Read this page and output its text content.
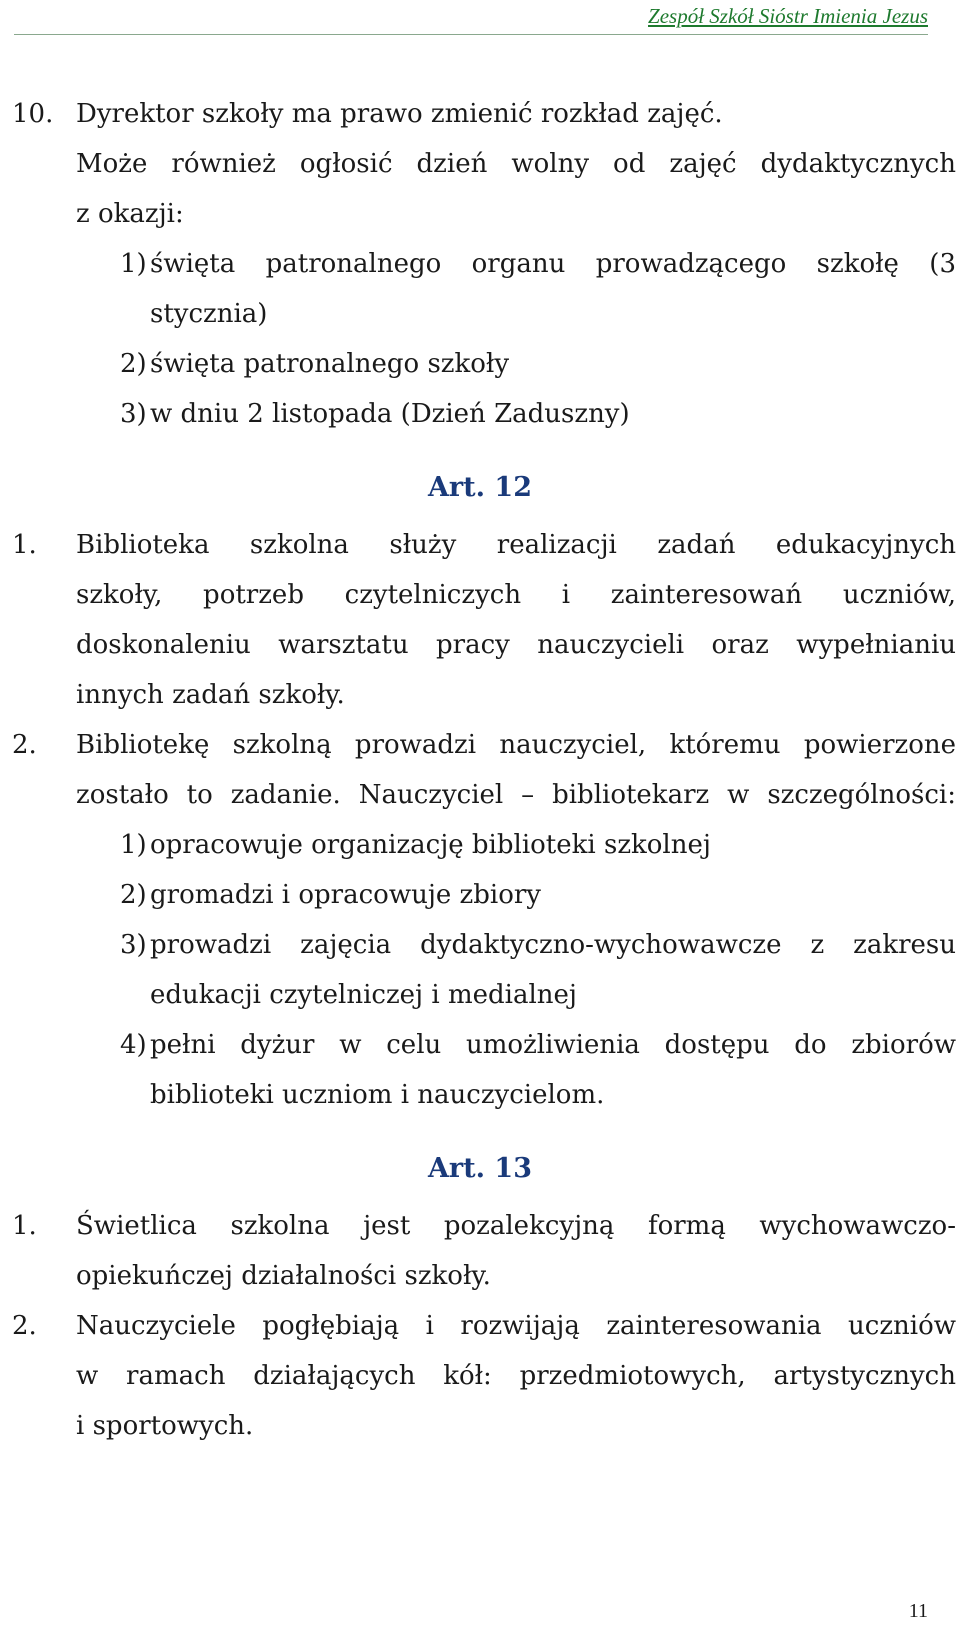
Zespół Szkół Sióstr Imienia Jezus
10. Dyrektor szkoły ma prawo zmienić rozkład zajęć.
Może również ogłosić dzień wolny od zajęć dydaktycznych
z okazji:
1) święta patronalnego organu prowadzącego szkołę (3
stycznia)
2) święta patronalnego szkoły
3) w dniu 2 listopada (Dzień Zaduszny)
Art. 12
1. Biblioteka szkolna służy realizacji zadań edukacyjnych
szkoły, potrzeb czytelniczych i zainteresowań uczniów,
doskonaleniu warsztatu pracy nauczycieli oraz wypełnianiu
innych zadań szkoły.
2. Bibliotekę szkolną prowadzi nauczyciel, któremu powierzone
zostało to zadanie. Nauczyciel – bibliotekarz w szczególności:
1) opracowuje organizację biblioteki szkolnej
2) gromadzi i opracowuje zbiory
3) prowadzi zajęcia dydaktyczno-wychowawcze z zakresu
edukacji czytelniczej i medialnej
4) pełni dyżur w celu umożliwienia dostępu do zbiorów
biblioteki uczniom i nauczycielom.
Art. 13
1. Świetlica szkolna jest pozalekcyjną formą wychowawczo-
opiekuńczej działalności szkoły.
2. Nauczyciele pogłębiają i rozwijają zainteresowania uczniów
w ramach działających kół: przedmiotowych, artystycznych
i sportowych.
11
